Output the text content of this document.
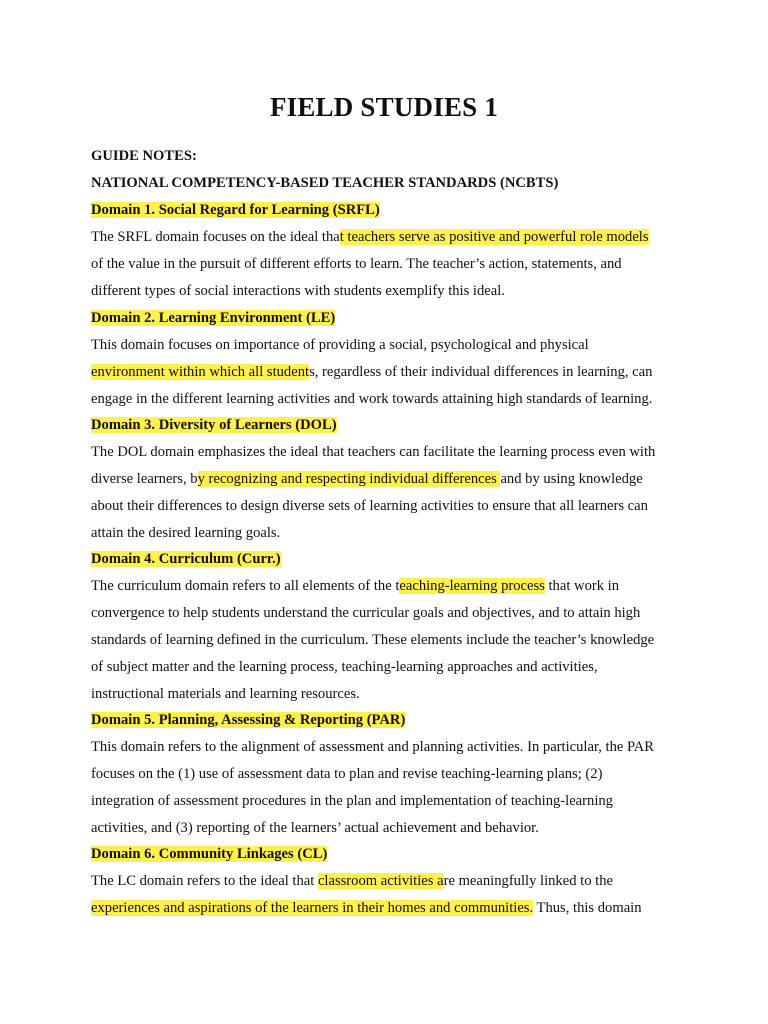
FIELD STUDIES 1
GUIDE NOTES:
NATIONAL COMPETENCY-BASED TEACHER STANDARDS (NCBTS)
Domain 1. Social Regard for Learning (SRFL)
The SRFL domain focuses on the ideal that teachers serve as positive and powerful role models
of the value in the pursuit of different efforts to learn. The teacher’s action, statements, and
different types of social interactions with students exemplify this ideal.
Domain 2. Learning Environment (LE)
This domain focuses on importance of providing a social, psychological and physical
environment within which all students, regardless of their individual differences in learning, can
engage in the different learning activities and work towards attaining high standards of learning.
Domain 3. Diversity of Learners (DOL)
The DOL domain emphasizes the ideal that teachers can facilitate the learning process even with
diverse learners, by recognizing and respecting individual differences and by using knowledge
about their differences to design diverse sets of learning activities to ensure that all learners can
attain the desired learning goals.
Domain 4. Curriculum (Curr.)
The curriculum domain refers to all elements of the teaching-learning process that work in
convergence to help students understand the curricular goals and objectives, and to attain high
standards of learning defined in the curriculum. These elements include the teacher’s knowledge
of subject matter and the learning process, teaching-learning approaches and activities,
instructional materials and learning resources.
Domain 5. Planning, Assessing & Reporting (PAR)
This domain refers to the alignment of assessment and planning activities. In particular, the PAR
focuses on the (1) use of assessment data to plan and revise teaching-learning plans; (2)
integration of assessment procedures in the plan and implementation of teaching-learning
activities, and (3) reporting of the learners’ actual achievement and behavior.
Domain 6. Community Linkages (CL)
The LC domain refers to the ideal that classroom activities are meaningfully linked to the
experiences and aspirations of the learners in their homes and communities. Thus, this domain
